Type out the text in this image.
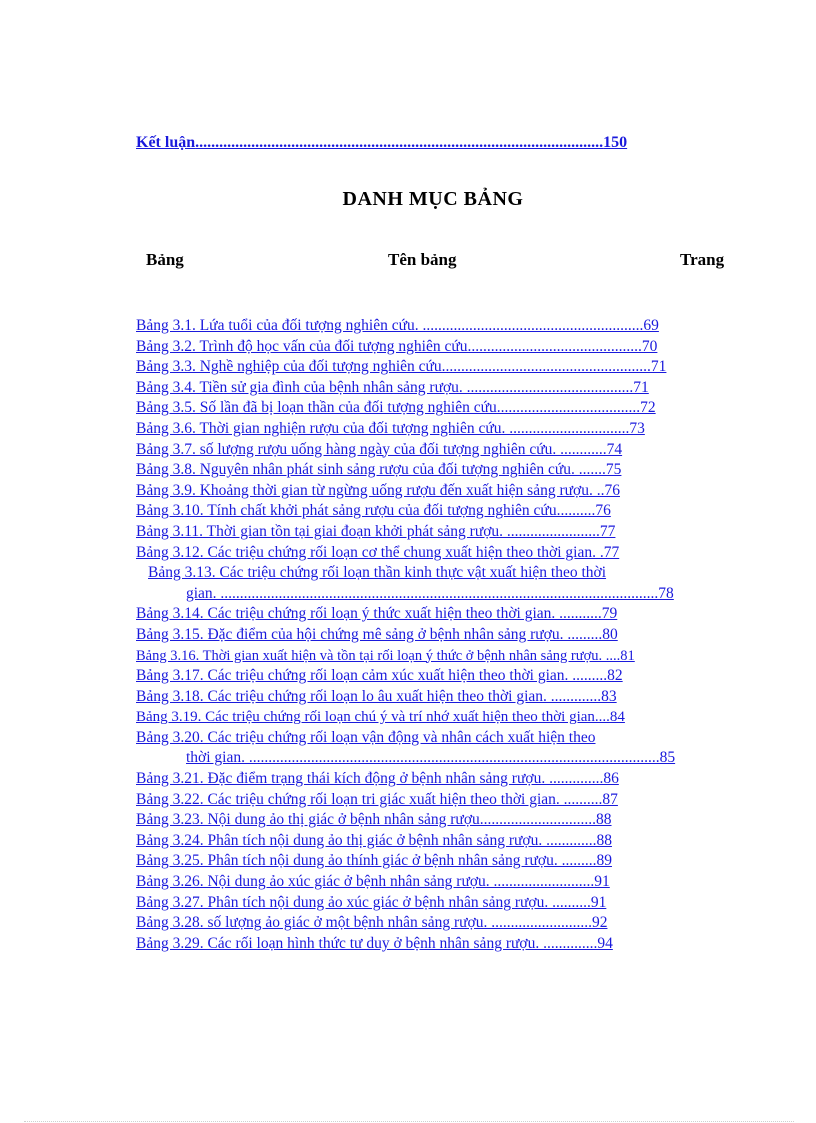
Kết luận......................................................................................................150
DANH MỤC BẢNG
Bảng	Tên bảng	Trang
Bảng 3.1. Lứa tuổi của đối tượng nghiên cứu. .........................................................69
Bảng 3.2. Trình độ học vấn của đối tượng nghiên cứu.............................................70
Bảng 3.3. Nghề nghiệp của đối tượng nghiên cứu......................................................71
Bảng 3.4. Tiền sử gia đình của bệnh nhân sảng rượu. ...........................................71
Bảng 3.5. Số lần đã bị loạn thần của đối tượng nghiên cứu.....................................72
Bảng 3.6. Thời gian nghiện rượu của đối tượng nghiên cứu. ...............................73
Bảng 3.7. số lượng rượu uống hàng ngày của đối tượng nghiên cứu. ............74
Bảng 3.8. Nguyên nhân phát sinh sảng rượu của đối tượng nghiên cứu. .......75
Bảng 3.9. Khoảng thời gian từ ngừng uống rượu đến xuất hiện sảng rượu. ..76
Bảng 3.10. Tính chất khởi phát sảng rượu của đối tượng nghiên cứu..........76
Bảng 3.11. Thời gian tồn tại giai đoạn khởi phát sảng rượu. ........................77
Bảng 3.12. Các triệu chứng rối loạn cơ thể chung xuất hiện theo thời gian. .77
Bảng 3.13. Các triệu chứng rối loạn thần kinh thực vật xuất hiện theo thời
gian. .................................................................................................................78
Bảng 3.14. Các triệu chứng rối loạn ý thức xuất hiện theo thời gian. ...........79
Bảng 3.15. Đặc điểm của hội chứng mê sảng ở bệnh nhân sảng rượu. .........80
Bảng 3.16. Thời gian xuất hiện và tồn tại rối loạn ý thức ở bệnh nhân sảng rượu. ....81
Bảng 3.17. Các triệu chứng rối loạn cảm xúc xuất hiện theo thời gian. .........82
Bảng 3.18. Các triệu chứng rối loạn lo âu xuất hiện theo thời gian. .............83
Bảng 3.19. Các triệu chứng rối loạn chú ý và trí nhớ xuất hiện theo thời gian....84
Bảng 3.20. Các triệu chứng rối loạn vận động và nhân cách xuất hiện theo
thời gian. ..........................................................................................................85
Bảng 3.21. Đặc điểm trạng thái kích động ở bệnh nhân sảng rượu. ..............86
Bảng 3.22. Các triệu chứng rối loạn tri giác xuất hiện theo thời gian. ..........87
Bảng 3.23. Nội dung ảo thị giác ở bệnh nhân sảng rượu..............................88
Bảng 3.24. Phân tích nội dung ảo thị giác ở bệnh nhân sảng rượu. .............88
Bảng 3.25. Phân tích nội dung ảo thính giác ở bệnh nhân sảng rượu. .........89
Bảng 3.26. Nội dung ảo xúc giác ở bệnh nhân sảng rượu. ..........................91
Bảng 3.27. Phân tích nội dung ảo xúc giác ở bệnh nhân sảng rượu. ..........91
Bảng 3.28. số lượng ảo giác ở một bệnh nhân sảng rượu. ..........................92
Bảng 3.29. Các rối loạn hình thức tư duy ở bệnh nhân sảng rượu. ..............94
